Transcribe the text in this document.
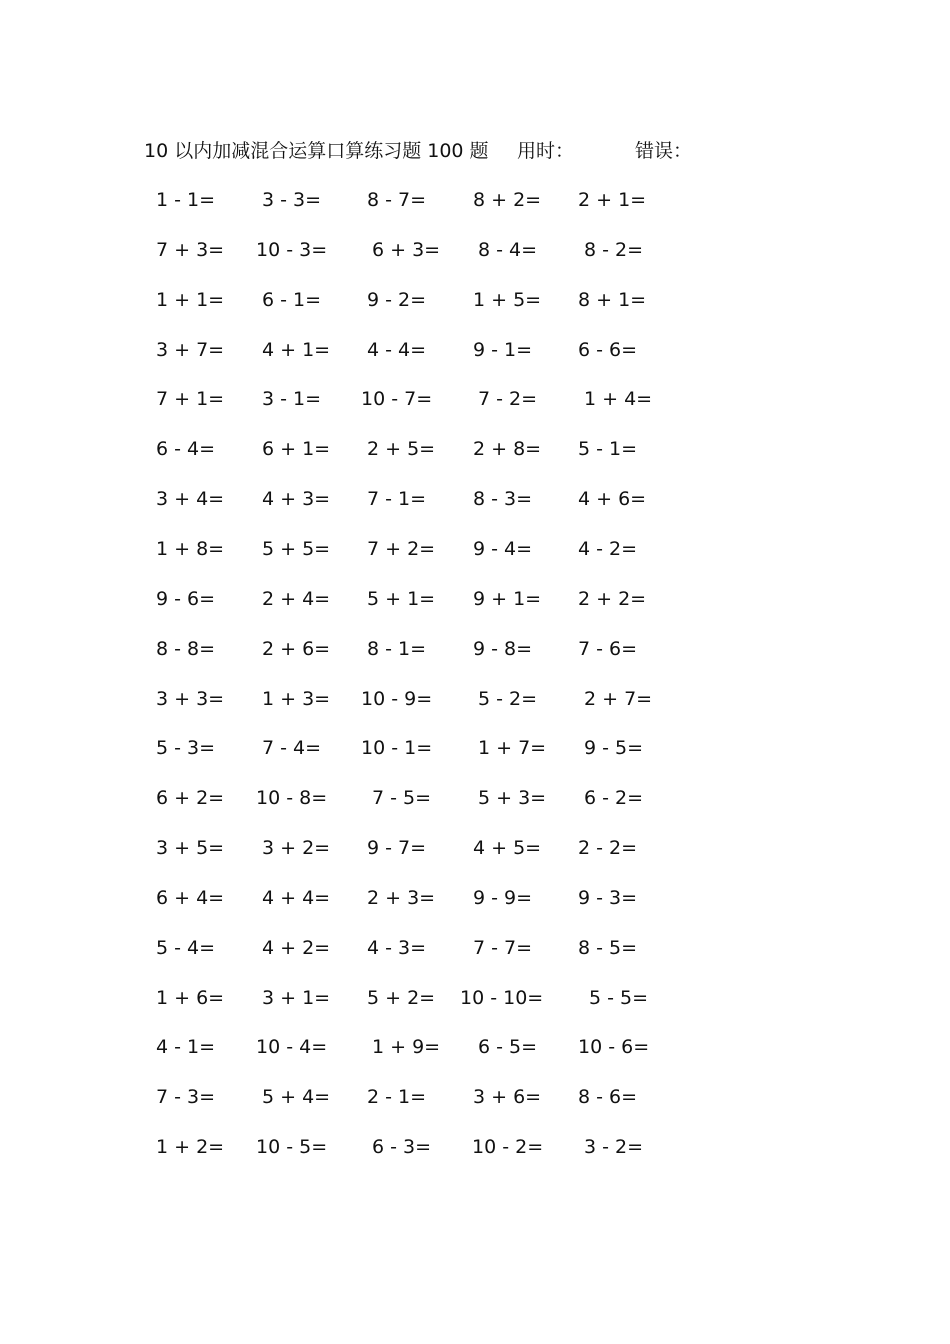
10 以内加减混合运算口算练习题 100 题 用时：	错误：
1 - 1= 3 - 3= 8 - 7= 8 + 2= 2 + 1=
7 + 3= 10 - 3= 6 + 3= 8 - 4= 8 - 2=
1 + 1= 6 - 1= 9 - 2= 1 + 5= 8 + 1=
3 + 7= 4 + 1= 4 - 4= 9 - 1= 6 - 6=
7 + 1= 3 - 1= 10 - 7= 7 - 2= 1 + 4=
6 - 4= 6 + 1= 2 + 5= 2 + 8= 5 - 1=
3 + 4= 4 + 3= 7 - 1= 8 - 3= 4 + 6=
1 + 8= 5 + 5= 7 + 2= 9 - 4= 4 - 2=
9 - 6= 2 + 4= 5 + 1= 9 + 1= 2 + 2=
8 - 8= 2 + 6= 8 - 1= 9 - 8= 7 - 6=
3 + 3= 1 + 3= 10 - 9= 5 - 2= 2 + 7=
5 - 3= 7 - 4= 10 - 1= 1 + 7= 9 - 5=
6 + 2= 10 - 8= 7 - 5= 5 + 3= 6 - 2=
3 + 5= 3 + 2= 9 - 7= 4 + 5= 2 - 2=
6 + 4= 4 + 4= 2 + 3= 9 - 9= 9 - 3=
5 - 4= 4 + 2= 4 - 3= 7 - 7= 8 - 5=
1 + 6= 3 + 1= 5 + 2= 10 - 10= 5 - 5=
4 - 1= 10 - 4= 1 + 9= 6 - 5= 10 - 6=
7 - 3= 5 + 4= 2 - 1= 3 + 6= 8 - 6=
1 + 2= 10 - 5= 6 - 3= 10 - 2= 3 - 2=
